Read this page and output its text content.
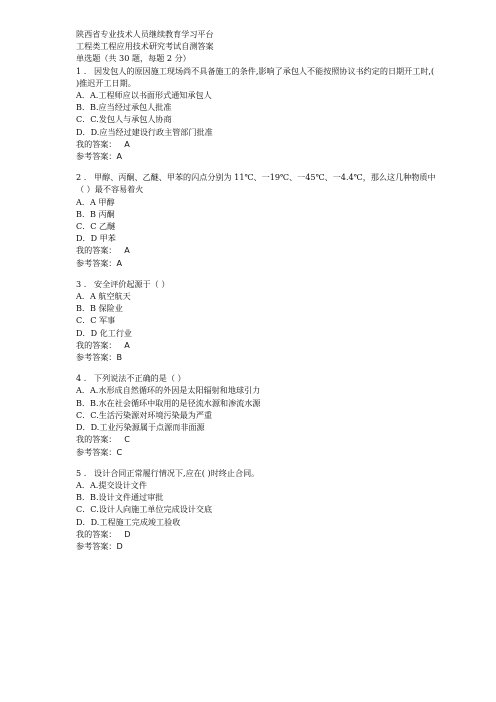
陕西省专业技术人员继续教育学习平台
工程类工程应用技术研究考试自测答案
单选题（共 30 题，每题 2 分）
1 . 因发包人的原因施工现场尚不具备施工的条件,影响了承包人不能按照协议书约定的日期开工时,( )推迟开工日期。
A．A.工程师应以书面形式通知承包人
B．B.应当经过承包人批准
C．C.发包人与承包人协商
D．D.应当经过建设行政主管部门批准
我的答案： A
参考答案：A
2 . 甲醇、丙酮、乙醚、甲苯的闪点分别为 11℃、一19℃、一45℃、一4.4℃，那么这几种物质中（ ）最不容易着火
A．A 甲醇
B．B 丙酮
C．C 乙醚
D．D 甲苯
我的答案： A
参考答案：A
3 . 安全评价起源于（ ）
A．A 航空航天
B．B 保险业
C．C 军事
D．D 化工行业
我的答案： A
参考答案：B
4 . 下列说法不正确的是（ ）
A．A.水形成自然循环的外因是太阳辐射和地球引力
B．B.水在社会循环中取用的是径流水源和渗流水源
C．C.生活污染源对环境污染最为严重
D．D.工业污染源属于点源而非面源
我的答案： C
参考答案：C
5 . 设计合同正常履行情况下,应在( )时终止合同。
A．A.提交设计文件
B．B.设计文件通过审批
C．C.设计人向施工单位完成设计交底
D．D.工程施工完成竣工验收
我的答案： D
参考答案：D
